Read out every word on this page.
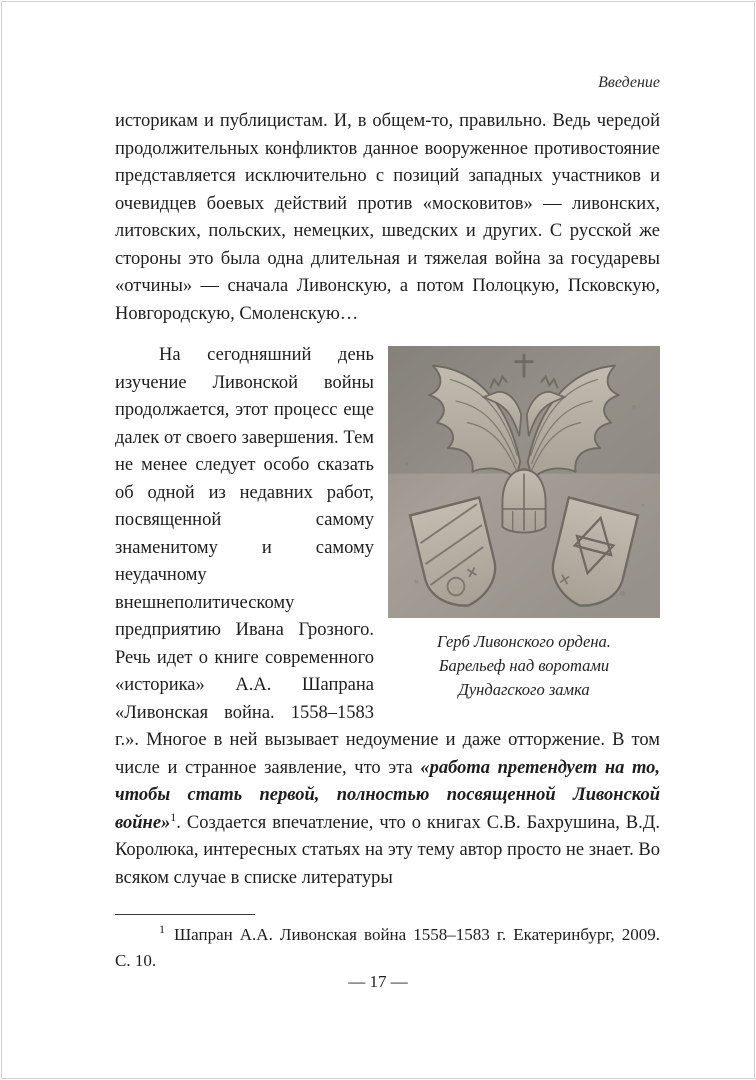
Введение
историкам и публицистам. И, в общем-то, правильно. Ведь чередой продолжительных конфликтов данное вооруженное противостояние представляется исключительно с позиций западных участников и очевидцев боевых действий против «московитов» — ливонских, литовских, польских, немецких, шведских и других. С русской же стороны это была одна длительная и тяжелая война за государевы «отчины» — сначала Ливонскую, а потом Полоцкую, Псковскую, Новгородскую, Смоленскую…
Герб Ливонского ордена.
Барельеф над воротами
Дундагского замка
На сегодняшний день изучение Ливонской войны продолжается, этот процесс еще далек от своего завершения. Тем не менее следует особо сказать об одной из недавних работ, посвященной самому знаменитому и самому неудачному внешнеполитическому предприятию Ивана Грозного. Речь идет о книге современного «историка» А.А. Шапрана «Ливонская война. 1558–1583 г.». Многое в ней вызывает недоумение и даже отторжение. В том числе и странное заявление, что эта «работа претендует на то, чтобы стать первой, полностью посвященной Ливонской войне»$^1$. Создается впечатление, что о книгах С.В. Бахрушина, В.Д. Королюка, интересных статьях на эту тему автор просто не знает. Во всяком случае в списке литературы
$^1$ Шапран А.А. Ливонская война 1558–1583 г. Екатеринбург, 2009. С. 10.
— 17 —
